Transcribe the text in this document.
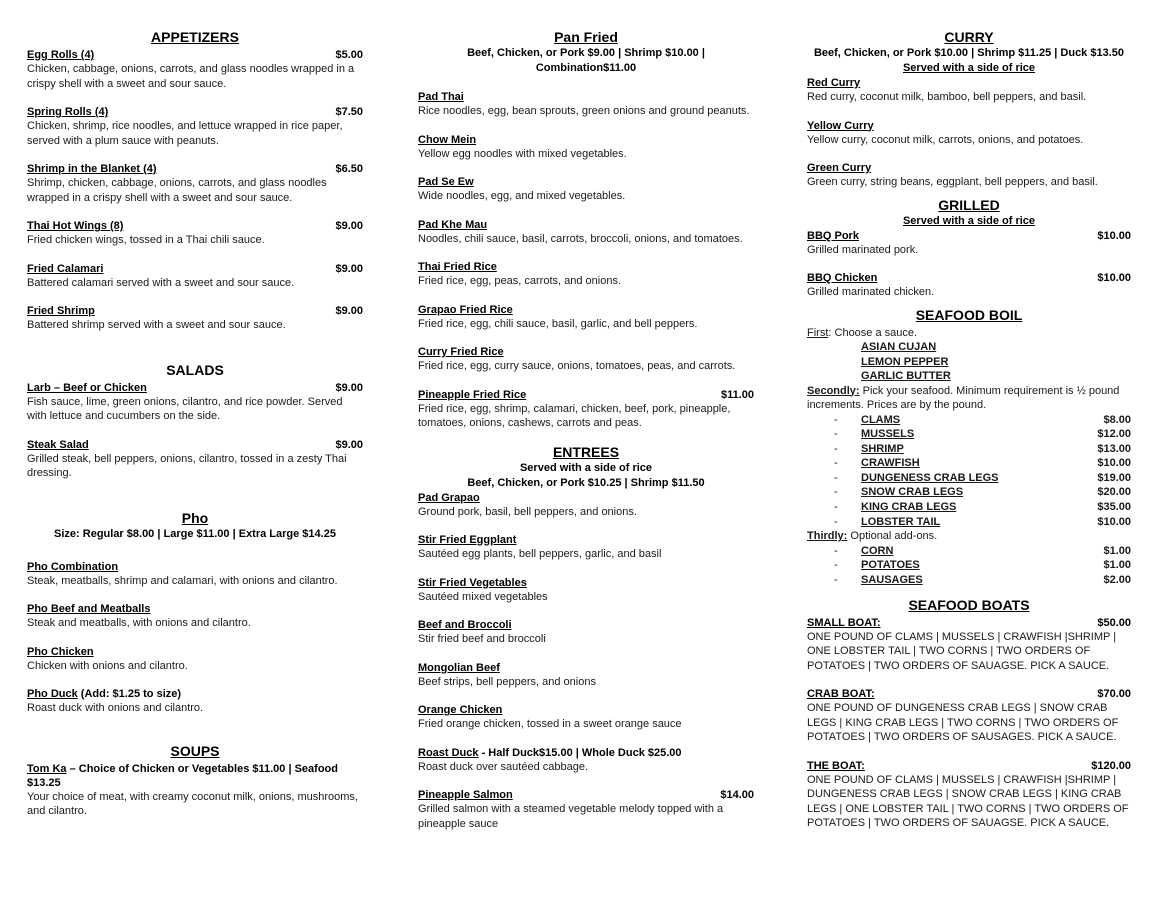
APPETIZERS
Egg Rolls (4)	$5.00
Chicken, cabbage, onions, carrots, and glass noodles wrapped in a crispy shell with a sweet and sour sauce.
Spring Rolls (4)	$7.50
Chicken, shrimp, rice noodles, and lettuce wrapped in rice paper, served with a plum sauce with peanuts.
Shrimp in the Blanket (4)	$6.50
Shrimp, chicken, cabbage, onions, carrots, and glass noodles wrapped in a crispy shell with a sweet and sour sauce.
Thai Hot Wings (8)	$9.00
Fried chicken wings, tossed in a Thai chili sauce.
Fried Calamari	$9.00
Battered calamari served with a sweet and sour sauce.
Fried Shrimp	$9.00
Battered shrimp served with a sweet and sour sauce.
SALADS
Larb – Beef or Chicken	$9.00
Fish sauce, lime, green onions, cilantro, and rice powder. Served with lettuce and cucumbers on the side.
Steak Salad	$9.00
Grilled steak, bell peppers, onions, cilantro, tossed in a zesty Thai dressing.
Pho
Size: Regular $8.00 | Large $11.00 | Extra Large $14.25
Pho Combination
Steak, meatballs, shrimp and calamari, with onions and cilantro.
Pho Beef and Meatballs
Steak and meatballs, with onions and cilantro.
Pho Chicken
Chicken with onions and cilantro.
Pho Duck (Add: $1.25 to size)
Roast duck with onions and cilantro.
SOUPS
Tom Ka – Choice of Chicken or Vegetables $11.00 | Seafood $13.25
Your choice of meat, with creamy coconut milk, onions, mushrooms, and cilantro.
Pan Fried
Beef, Chicken, or Pork $9.00 | Shrimp $10.00 | Combination$11.00
Pad Thai
Rice noodles, egg, bean sprouts, green onions and ground peanuts.
Chow Mein
Yellow egg noodles with mixed vegetables.
Pad Se Ew
Wide noodles, egg, and mixed vegetables.
Pad Khe Mau
Noodles, chili sauce, basil, carrots, broccoli, onions, and tomatoes.
Thai Fried Rice
Fried rice, egg, peas, carrots, and onions.
Grapao Fried Rice
Fried rice, egg, chili sauce, basil, garlic, and bell peppers.
Curry Fried Rice
Fried rice, egg, curry sauce, onions, tomatoes, peas, and carrots.
Pineapple Fried Rice	$11.00
Fried rice, egg, shrimp, calamari, chicken, beef, pork, pineapple, tomatoes, onions, cashews, carrots and peas.
ENTREES
Served with a side of rice
Beef, Chicken, or Pork $10.25 | Shrimp $11.50
Pad Grapao
Ground pork, basil, bell peppers, and onions.
Stir Fried Eggplant
Sautéed egg plants, bell peppers, garlic, and basil
Stir Fried Vegetables
Sautéed mixed vegetables
Beef and Broccoli
Stir fried beef and broccoli
Mongolian Beef
Beef strips, bell peppers, and onions
Orange Chicken
Fried orange chicken, tossed in a sweet orange sauce
Roast Duck - Half Duck$15.00 | Whole Duck $25.00
Roast duck over sautéed cabbage.
Pineapple Salmon	$14.00
Grilled salmon with a steamed vegetable melody topped with a pineapple sauce
CURRY
Beef, Chicken, or Pork $10.00 | Shrimp $11.25 | Duck $13.50
Served with a side of rice
Red Curry
Red curry, coconut milk, bamboo, bell peppers, and basil.
Yellow Curry
Yellow curry, coconut milk, carrots, onions, and potatoes.
Green Curry
Green curry, string beans, eggplant, bell peppers, and basil.
GRILLED
Served with a side of rice
BBQ Pork	$10.00
Grilled marinated pork.
BBQ Chicken	$10.00
Grilled marinated chicken.
SEAFOOD BOIL
First: Choose a sauce.
ASIAN CUJAN
LEMON PEPPER
GARLIC BUTTER
Secondly: Pick your seafood. Minimum requirement is ½ pound increments. Prices are by the pound.
-	CLAMS	$8.00
-	MUSSELS	$12.00
-	SHRIMP	$13.00
-	CRAWFISH	$10.00
-	DUNGENESS CRAB LEGS	$19.00
-	SNOW CRAB LEGS	$20.00
-	KING CRAB LEGS	$35.00
-	LOBSTER TAIL	$10.00
Thirdly: Optional add-ons.
-	CORN	$1.00
-	POTATOES	$1.00
-	SAUSAGES	$2.00
SEAFOOD BOATS
SMALL BOAT:	$50.00
ONE POUND OF CLAMS | MUSSELS | CRAWFISH |SHRIMP | ONE LOBSTER TAIL | TWO CORNS | TWO ORDERS OF POTATOES | TWO ORDERS OF SAUAGSE. PICK A SAUCE.
CRAB BOAT:	$70.00
ONE POUND OF DUNGENESS CRAB LEGS | SNOW CRAB LEGS | KING CRAB LEGS | TWO CORNS | TWO ORDERS OF POTATOES | TWO ORDERS OF SAUSAGES. PICK A SAUCE.
THE BOAT:	$120.00
ONE POUND OF CLAMS | MUSSELS | CRAWFISH |SHRIMP | DUNGENESS CRAB LEGS | SNOW CRAB LEGS | KING CRAB LEGS | ONE LOBSTER TAIL | TWO CORNS | TWO ORDERS OF POTATOES | TWO ORDERS OF SAUAGSE. PICK A SAUCE.
